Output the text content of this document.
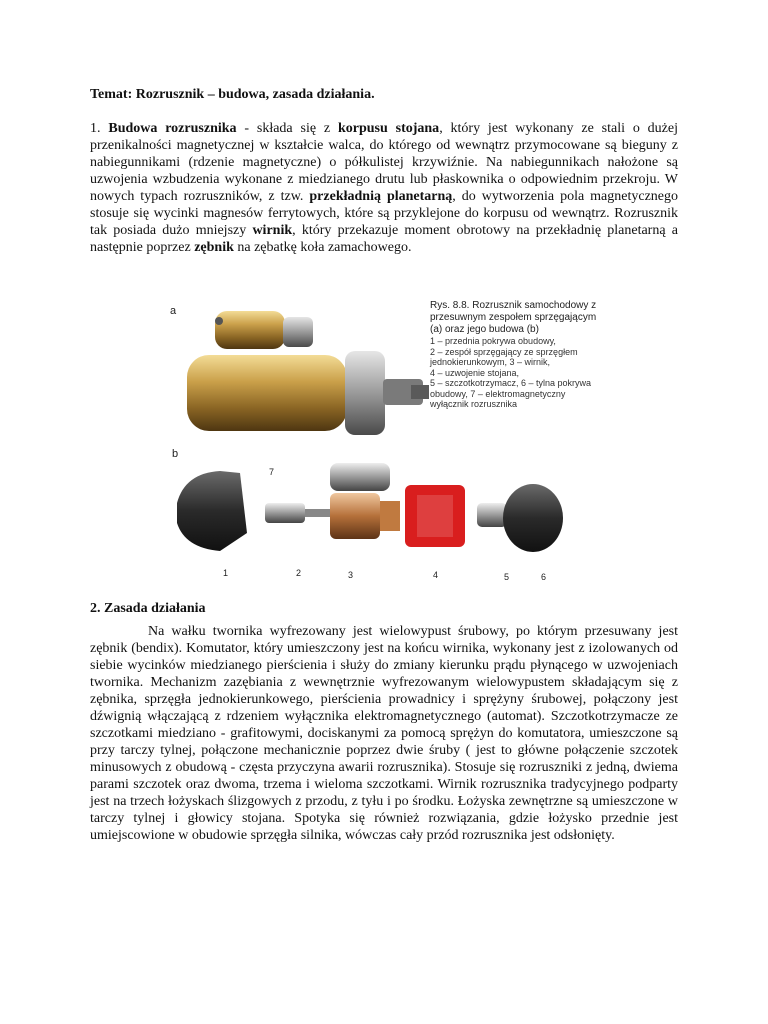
Temat: Rozrusznik – budowa, zasada działania.
1. Budowa rozrusznika - składa się z korpusu stojana, który jest wykonany ze stali o dużej przenikalności magnetycznej w kształcie walca, do którego od wewnątrz przymocowane są bieguny z nabiegunnikami (rdzenie magnetyczne) o półkulistej krzywiźnie. Na nabiegunnikach nałożone są uzwojenia wzbudzenia wykonane z miedzianego drutu lub płaskownika o odpowiednim przekroju. W nowych typach rozruszników, z tzw. przekładnią planetarną, do wytworzenia pola magnetycznego stosuje się wycinki magnesów ferrytowych, które są przyklejone do korpusu od wewnątrz. Rozrusznik tak posiada dużo mniejszy wirnik, który przekazuje moment obrotowy na przekładnię planetarną a następnie poprzez zębnik na zębatkę koła zamachowego.
a
b
Rys. 8.8. Rozrusznik samochodowy z przesuwnym zespołem sprzęgającym (a) oraz jego budowa (b)
1 – przednia pokrywa obudowy,
2 – zespół sprzęgający ze sprzęgłem jednokierunkowym, 3 – wirnik,
4 – uzwojenie stojana,
5 – szczotkotrzymacz, 6 – tylna pokrywa obudowy, 7 – elektromagnetyczny wyłącznik rozrusznika
7
1	2	3	4	5	6
2. Zasada działania
Na wałku twornika wyfrezowany jest wielowypust śrubowy, po którym przesuwany jest zębnik (bendix). Komutator, który umieszczony jest na końcu wirnika, wykonany jest z izolowanych od siebie wycinków miedzianego pierścienia i służy do zmiany kierunku prądu płynącego w uzwojeniach twornika. Mechanizm zazębiania z wewnętrznie wyfrezowanym wielowypustem składającym się z zębnika, sprzęgła jednokierunkowego, pierścienia prowadnicy i sprężyny śrubowej, połączony jest dźwignią włączającą z rdzeniem wyłącznika elektromagnetycznego (automat). Szczotkotrzymacze ze szczotkami miedziano - grafitowymi, dociskanymi za pomocą sprężyn do komutatora, umieszczone są przy tarczy tylnej, połączone mechanicznie poprzez dwie śruby ( jest to główne połączenie szczotek minusowych z obudową - częsta przyczyna awarii rozrusznika). Stosuje się rozruszniki z jedną, dwiema parami szczotek oraz dwoma, trzema i wieloma szczotkami. Wirnik rozrusznika tradycyjnego podparty jest na trzech łożyskach ślizgowych z przodu, z tyłu i po środku. Łożyska zewnętrzne są umieszczone w tarczy tylnej i głowicy stojana. Spotyka się również rozwiązania, gdzie łożysko przednie jest umiejscowione w obudowie sprzęgła silnika, wówczas cały przód rozrusznika jest odsłonięty.
